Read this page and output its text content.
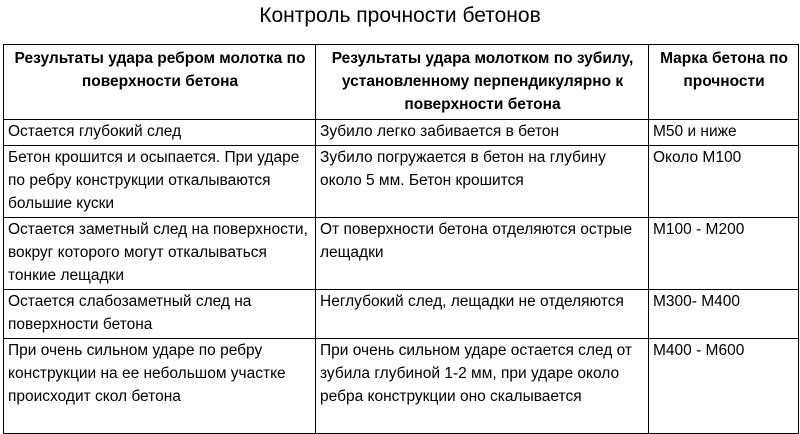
Контроль прочности бетонов
Результаты удара ребром молотка по поверхности бетона	Результаты удара молотком по зубилу, установленному перпендикулярно к поверхности бетона	Марка бетона по прочности
Остается глубокий след	Зубило легко забивается в бетон	М50 и ниже
Бетон крошится и осыпается. При ударе по ребру конструкции откалываются большие куски	Зубило погружается в бетон на глубину около 5 мм. Бетон крошится	Около М100
Остается заметный след на поверхности, вокруг которого могут откалываться тонкие лещадки	От поверхности бетона отделяются острые лещадки	М100 - М200
Остается слабозаметный след на поверхности бетона	Неглубокий след, лещадки не отделяются	М300- М400
При очень сильном ударе по ребру конструкции на ее небольшом участке происходит скол бетона	При очень сильном ударе остается след от зубила глубиной 1-2 мм, при ударе около ребра конструкции оно скалывается	М400 - М600
